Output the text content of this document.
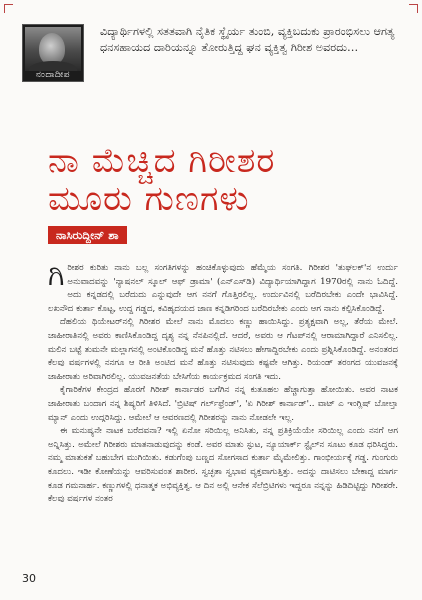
ನಂದಾದೀಪ
ವಿದ್ಯಾರ್ಥಿಗಳಲ್ಲಿ ಸತತವಾಗಿ ನೈತಿಕ ಸ್ಥೈರ್ಯ ತುಂಬಿ, ವ್ಯಕ್ತಿಬದುಕು ಪ್ರಾರಂಭಿಸಲು ಆಗತ್ಯ ಧನಸಹಾಯದ ದಾರಿಯನ್ನೂ ತೋರುತ್ತಿದ್ದ ಘನ ವ್ಯಕ್ತಿತ್ವ ಗಿರೀಶ ಅವರದು…
ನಾ ಮೆಚ್ಚಿದ ಗಿರೀಶರ
ಮೂರು ಗುಣಗಳು
ನಾಸಿರುದ್ದೀನ್ ಶಾ

ಗಿರೀಶರ ಕುರಿತು ನಾನು ಬಲ್ಲ ಸಂಗತಿಗಳನ್ನು ಹಂಚಿಕೊಳ್ಳುವುದು ಹೆಮ್ಮೆಯ ಸಂಗತಿ. ಗಿರೀಶರ 'ತುಘಲಕ್'ನ ಉರ್ದು ಅನುವಾದವನ್ನು 'ನ್ಯಾಷನಲ್ ಸ್ಕೂಲ್ ಆಫ್ ಡ್ರಾಮಾ' (ಎನ್‌ಎಸ್‌ಡಿ) ವಿದ್ಯಾರ್ಥಿಯಾಗಿದ್ದಾಗ 1970ರಲ್ಲಿ ನಾನು ಓದಿದ್ದೆ. ಅದು ಕನ್ನಡದಲ್ಲಿ ಬರೆದುದು ಎನ್ನುವುದೇ ಆಗ ನನಗೆ ಗೊತ್ತಿರಲಿಲ್ಲ. ಉರ್ದುವಿನಲ್ಲಿ ಬರೆದಿರಬೇಕು ಎಂದೇ ಭಾವಿಸಿದ್ದೆ. ಲಖನೌದ ಕುರ್ತಾ ಕೊಟ್ಟ, ಉದ್ದ ಗಡ್ಡದ, ಕವಿಹೃದಯದ ಜಾಣ ಕನ್ನಡಿಗರಿಂದ ಬರೆದಿರಬೇಕು ಎಂದು ಆಗ ನಾನು ಕಲ್ಪಿಸಿಕೊಂಡಿದ್ದೆ.

ದೆಹಲಿಯ ಥಿಯೇಟರ್‌ನಲ್ಲಿ ಗಿರೀಶರ ಮೇಲೆ ನಾನು ಮೊದಲು ಕಣ್ಣು ಹಾಯಿಸಿದ್ದು. ಪ್ರತ್ಯಕ್ಷವಾಗಿ ಅಲ್ಲ, ತೆರೆಯ ಮೇಲೆ. ಜಾಹೀರಾತಿನಲ್ಲಿ ಅವರು ಕಾಣಿಸಿಕೊಂಡಿದ್ದ ದೃಶ್ಯ ನನ್ನ ನೆನಪಿನಲ್ಲಿದೆ. ಆದರೆ, ಅವರು ಆ ಗೆಟಪ್‌ನಲ್ಲಿ ಆರಾಮಾಗಿದ್ದಾರೆ ಎನಿಸಲಿಲ್ಲ. ಮಲಿನ ಬಟ್ಟೆ ತುಮನೇ ಮಲ್ಲಾಗನಲ್ಲಿ ಅಂಟಿಕೊಂಡಿದ್ದ ಮನೆ ಹೊತ್ತು ನಟಿಸಲು ಹೇಗಾದ್ದಿರಬೇಕು ಎಂದು ಪ್ರಶ್ನಿಸಿಕೊಂಡಿದ್ದೆ. ಅನಂತರದ ಕೆಲವು ವರ್ಷಗಳಲ್ಲಿ ನನಗೂ ಆ ರೀತಿ ಅಂಟಿದ ಮನೆ ಹೊತ್ತು ನಟಿಸುವುದು ಕಷ್ಟವೇ ಆಗಿತ್ತು. ರಿಯಂಡ್ ತರಂಗದ ಯುವಜನಕ್ಕೆ ಜಾಹೀರಾತು ಅರಿವಾಗಿರಲಿಲ್ಲ. ಯುವಜನತೆಯ ಬೇಸಿಗೆಯ ಕಾರ್ಯಕ್ರಮದ ಸಂಗತಿ ಇದು.

ಕೈಗಾರಿಕೆಗಳ ಕೇಂದ್ರದ ಹೊರಗೆ ಗಿರೀಶ್ ಕಾರ್ನಾಡರ ಬಗೆಗಿನ ನನ್ನ ಕುತೂಹಲ ಹೆಚ್ಚಾಗುತ್ತಾ ಹೋಯಿತು. ಅವರ ನಾಟಕ ಜಾಹೀರಾತು ಬಂದಾಗ ನನ್ನ ಶಿಷ್ಯರಿಗೆ ತಿಳಿಸಿದೆ. 'ಬ್ರಿಟಿಷ್ ಗರ್ಲ್‌ಫ್ರೆಂಡ್', 'ಏ ಗಿರೀಶ್ ಕಾರ್ನಾಡ್'.. ವಾಟ್ ಎ ಇಂಗ್ಲಿಷ್ ಬೋಲ್ತಾ ಮ್ಯಾನ್ ಎಂದು ಉದ್ಗರಿಸಿದ್ದು. ಆಮೇಲೆ ಆ ಆವರಣದಲ್ಲಿ ಗಿರೀಶರನ್ನು ನಾನು ನೋಡಲೇ ಇಲ್ಲ.

ಈ ಮನುಷ್ಯನೇ ನಾಟಕ ಬರೆದವನಾ? ಇಲ್ಲಿ ಏನೋ ಸರಿಯಿಲ್ಲ ಅನಿಸಿತು, ನನ್ನ ಪ್ರತಿಕ್ರಿಯೆಯೇ ಸರಿಯಿಲ್ಲ ಎಂದು ನನಗೆ ಆಗ ಅನ್ನಿಸಿತ್ತು. ಅಮೇಲೆ ಗಿರೀಶರು ಮಾತನಾಡುವುದನ್ನು ಕಂಡೆ. ಅವರ ಮಾತು ಸ್ಫುಟ, ನ್ಯೂಯಾರ್ಕ್ ಸ್ಟೈಲ್‌ನ ಸೂಟು ಕೂಡ ಧರಿಸಿದ್ದರು. ನಮ್ಮ ಮಾತುಕತೆ ಬಹುಬೇಗ ಮುಗಿಯಿತು. ಕಡುಗೆಂಪು ಬಣ್ಣದ ಸೋಗಸಾದ ಕುರ್ತಾ ಮೈಮೇಲಿತ್ತು. ಗಾಂಭೀರ್ಯಕ್ಕೆ ಗಡ್ಡ. ಗುಂಗುರು ಕೂದಲು. ಇಡೀ ಕೋಣೆಯನ್ನು ಆವರಿಸುವಂತ ಶಾರೀರ. ಸ್ವಚ್ಛತಾ ಸ್ವಭಾವ ವ್ಯಕ್ತವಾಗುತ್ತಿತ್ತು. ಅದನ್ನು ದಾಟಿಸಲು ಬೇಕಾದ್ದ ಮಾರ್ಗ ಕೂಡ ಗಮನಾರ್ಹ. ಕಣ್ಣುಗಳಲ್ಲಿ ಧನಾತ್ಮಕ ಅಭಿವ್ಯಕ್ತಿತ್ವ. ಆ ದಿನ ಅಲ್ಲಿ ಆನೇಕ ಸೆಲೆಬ್ರಿಟಿಗಳು ಇದ್ದರೂ ನನ್ನನ್ನು ಹಿಡಿದಿಟ್ಟಿದ್ದು ಗಿರೀಶರೇ. ಕೆಲವು ವರ್ಷಗಳ ನಂತರ

30
